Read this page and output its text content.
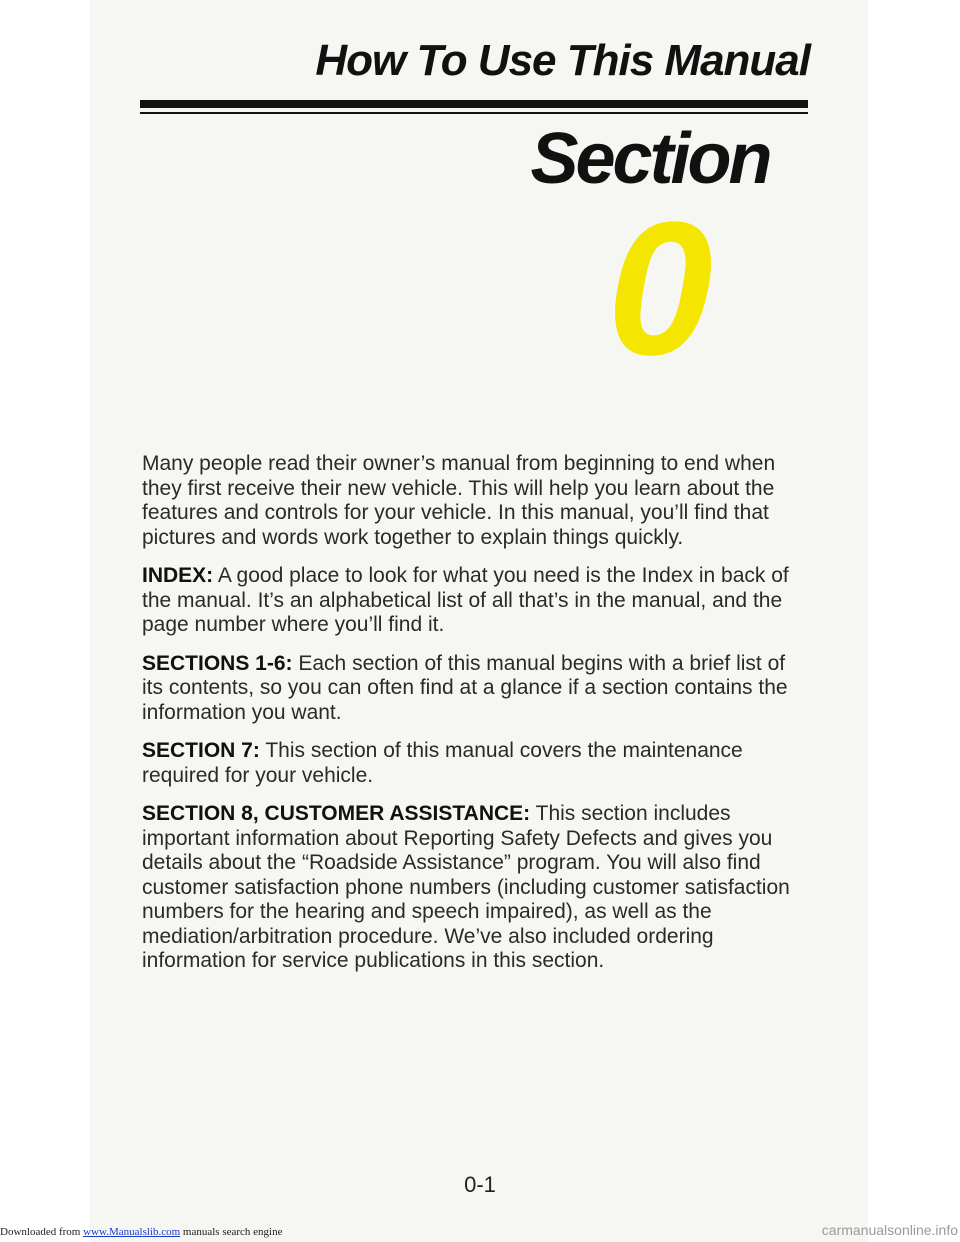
How To Use This Manual
Section
0

Many people read their owner’s manual from beginning to end when they first receive their new vehicle. This will help you learn about the features and controls for your vehicle. In this manual, you’ll find that pictures and words work together to explain things quickly.

INDEX: A good place to look for what you need is the Index in back of the manual. It’s an alphabetical list of all that’s in the manual, and the page number where you’ll find it.

SECTIONS 1-6: Each section of this manual begins with a brief list of its contents, so you can often find at a glance if a section contains the information you want.

SECTION 7: This section of this manual covers the maintenance required for your vehicle.

SECTION 8, CUSTOMER ASSISTANCE: This section includes important information about Reporting Safety Defects and gives you details about the “Roadside Assistance” program. You will also find customer satisfaction phone numbers (including customer satisfaction numbers for the hearing and speech impaired), as well as the mediation/arbitration procedure. We’ve also included ordering information for service publications in this section.

0-1
Downloaded from www.Manualslib.com manuals search engine	carmanualsonline.info
